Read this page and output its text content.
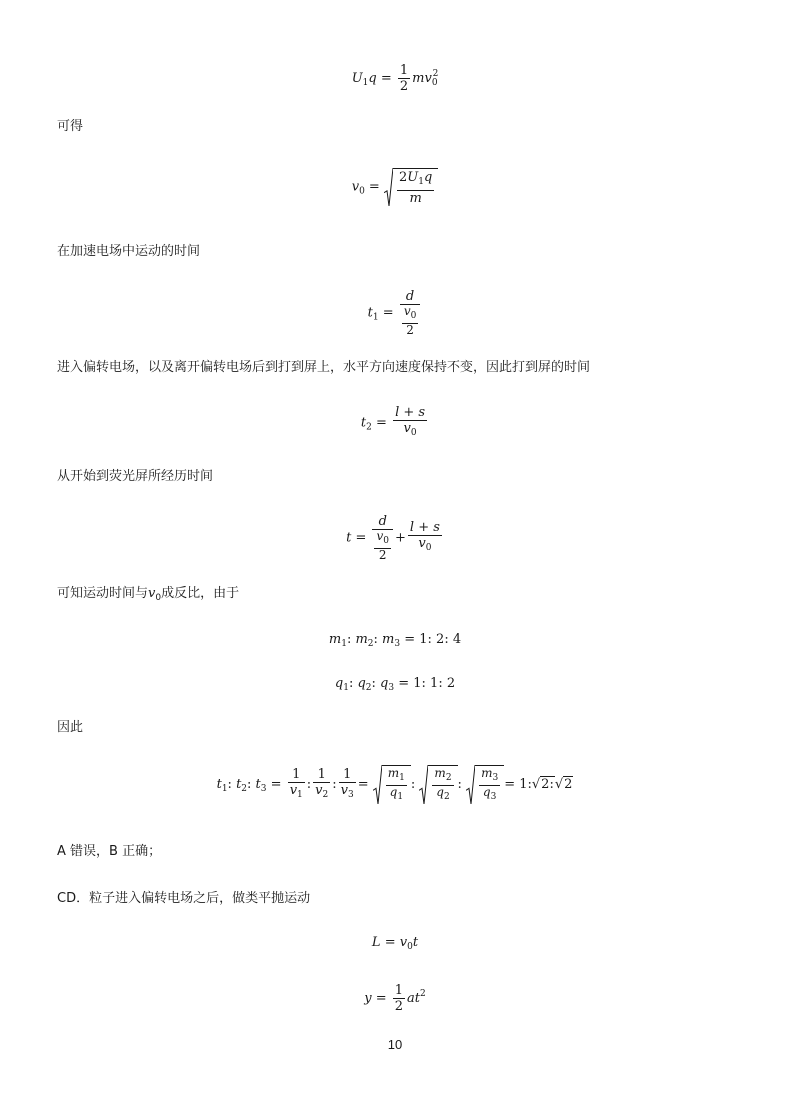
$U_1q = \frac{1}{2} mv_0^2$
可得
$v_0 = \frac{2U_1q}{m}$
在加速电场中运动的时间
$t_1 = \frac{d}{\frac{v_0}{2}}$
进入偏转电场，以及离开偏转电场后到打到屏上，水平方向速度保持不变，因此打到屏的时间
$t_2 = \frac{l + s}{v_0}$
从开始到荧光屏所经历时间
$t = \frac{d}{\frac{v_0}{2}} + \frac{l + s}{v_0}$
可知运动时间与$v_0$成反比，由于
$m_1$: $m_2$: $m_3 = 1$: 2: 4
$q_1$: $q_2$: $q_3 = 1$: 1: 2
因此
$t_1$: $t_2$: $t_3 = \frac{1}{v_1}$ : $\frac{1}{v_2}$ : $\frac{1}{v_3} = \frac{m_1}{q_1}$ : $\frac{m_2}{q_2}$ : $\frac{m_3}{q_3}$ = 1:√2:√2
A 错误，B 正确；
CD．粒子进入偏转电场之后，做类平抛运动
$L = v_0t$
$y = \frac{1}{2} at^2$
10
